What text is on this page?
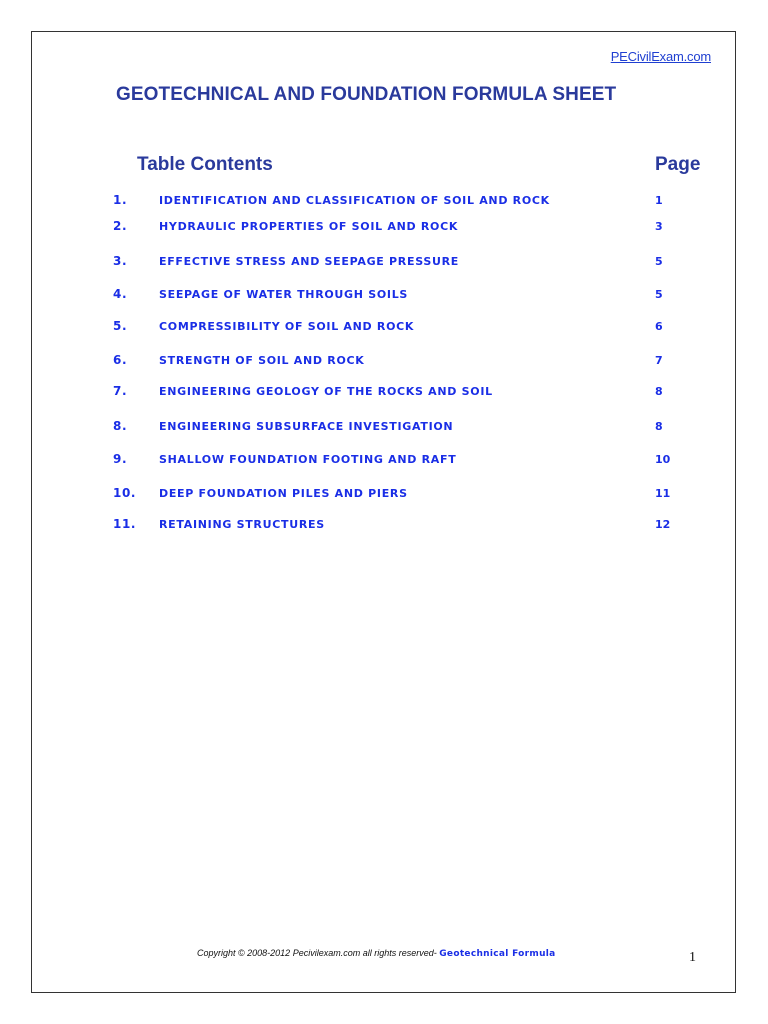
PECivilExam.com
GEOTECHNICAL AND FOUNDATION FORMULA SHEET
Table Contents	Page
1.	IDENTIFICATION AND CLASSIFICATION OF SOIL AND ROCK	1
2.	HYDRAULIC PROPERTIES OF SOIL AND ROCK	3
3.	EFFECTIVE STRESS AND SEEPAGE PRESSURE	5
4.	SEEPAGE OF WATER THROUGH SOILS	5
5.	COMPRESSIBILITY OF SOIL AND ROCK	6
6.	STRENGTH OF SOIL AND ROCK	7
7.	ENGINEERING GEOLOGY OF THE ROCKS AND SOIL	8
8.	ENGINEERING SUBSURFACE INVESTIGATION	8
9.	SHALLOW FOUNDATION FOOTING AND RAFT	10
10. DEEP FOUNDATION PILES AND PIERS	11
11. RETAINING STRUCTURES	12
Copyright © 2008-2012 Pecivilexam.com all rights reserved- Geotechnical Formula	1
